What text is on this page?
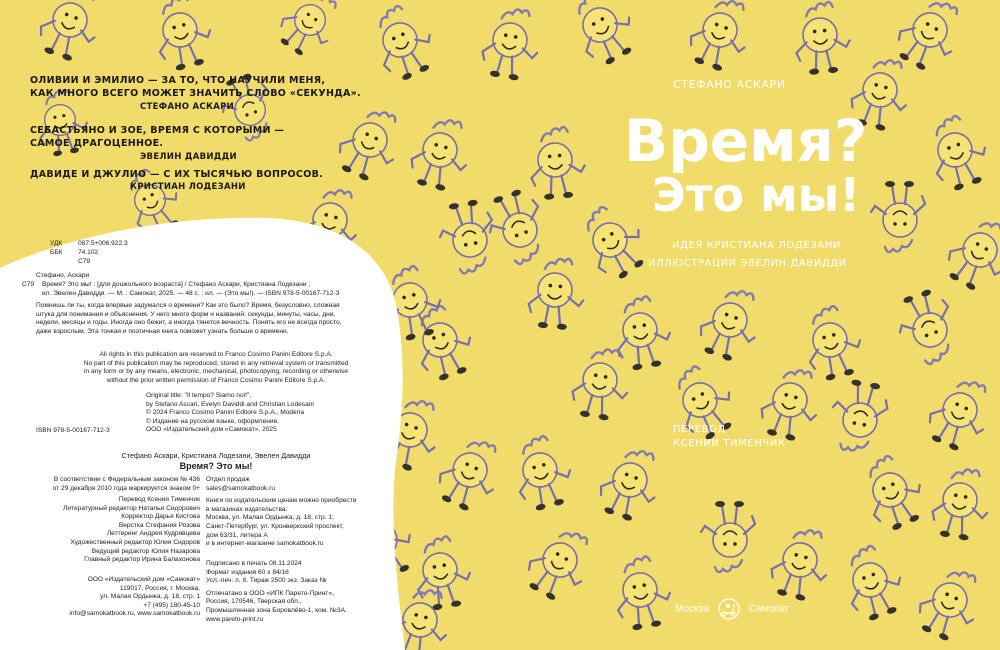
ОЛИВИИ И ЭМИЛИО — ЗА ТО, ЧТО НАУЧИЛИ МЕНЯ,
КАК МНОГО ВСЕГО МОЖЕТ ЗНАЧИТЬ СЛОВО «СЕКУНДА».
СТЕФАНО АСКАРИ
СЕБАСТЬЯНО И ЗОЕ, ВРЕМЯ С КОТОРЫМИ —
САМОЕ ДРАГОЦЕННОЕ.
ЭВЕЛИН ДАВИДДИ
ДАВИДЕ И ДЖУЛИО — С ИХ ТЫСЯЧЬЮ ВОПРОСОВ.
КРИСТИАН ЛОДЕЗАНИ
УДК 087.5+006.922.3
ББК 74.102
С79
Стефано, Аскари
С79 Время? Это мы! : [для дошкольного возраста] / Стефано Аскари, Кристиана Лодезани ;
ил. Эвелен Давидди. — М. : Самокат, 2025. — 48 с. : ил. — (Это мы!). — ISBN 978-5-00167-712-3
Помнишь ли ты, когда впервые задумался о времени? Как это было? Время, безусловно, сложная
штука для понимания и объяснения. У него много форм и названий: секунды, минуты, часы, дни,
недели, месяцы и годы. Иногда оно бежит, а иногда тянется вечность. Понять его не всегда просто,
даже взрослым. Эта тонкая и поэтичная книга поможет узнать больше о времени.
All rights in this publication are reserved to Franco Cosimo Panini Editore S.p.A.
No part of this publication may be reproduced, stored in any retrieval system or transmitted
in any form or by any means, electronic, mechanical, photocopying, recording or otherwise
without the prior written permission of Franco Cosimo Panini Editore S.p.A.
Original title: "Il tempo? Siamo noi!",
by Stefano Ascari, Evelyn Daviddi and Christian Lodesani
© 2024 Franco Cosimo Panini Editore S.p.A., Modena
© Издание на русском языке, оформление.
ООО «Издательский дом «Самокат», 2025
ISBN 978-5-00167-712-3
Стефано Аскари, Кристиана Лодезани, Эвелен Давидди
Время? Это мы!
В соответствии с Федеральным законом № 436
от 29 декабря 2010 года маркируется знаком 0+
Перевод Ксения Тименчик
Литературный редактор Наталья Сидорович
Корректор Дарья Кистова
Верстка Стефания Розова
Леттеринг Андрея Кудрявцева
Художественный редактор Юлия Сидоров
Ведущий редактор Юлия Назарова
Главный редактор Ирина Балахонова
ООО «Издательский дом «Самокат»
119017, Россия, г. Москва,
ул. Малая Ордынка, д. 18, стр. 1
+7 (495) 180-45-10
info@samokatbook.ru, www.samokatbook.ru
Отдел продаж
sales@samokatbook.ru
Книги по издательским ценам можно приобрести
в магазинах издательства:
Москва, ул. Малая Ордынка, д. 18, стр. 1;
Санкт-Петербург, ул. Кронверкский проспект,
дом 63/31, литера А
и в интернет-магазине samokatbook.ru
Подписано в печать 08.11.2024
Формат издания 60 х 84/16
Усл.-печ. л. 8. Тираж 2500 экз. Заказ №
Отпечатано в ООО «ИПК Парето-Принт»,
Россия, 170546, Тверская обл.,
Промышленная зона Боровлёво-1, ком. №3А.
www.pareto-print.ru
СТЕФАНО АСКАРИ
Время?
Это мы!
ИДЕЯ КРИСТИАНА ЛОДЕЗАНИ
ИЛЛЮСТРАЦИИ ЭВЕЛИН ДАВИДДИ
ПЕРЕВОД
КСЕНИИ ТИМЕНЧИК
Москва	Самокат
